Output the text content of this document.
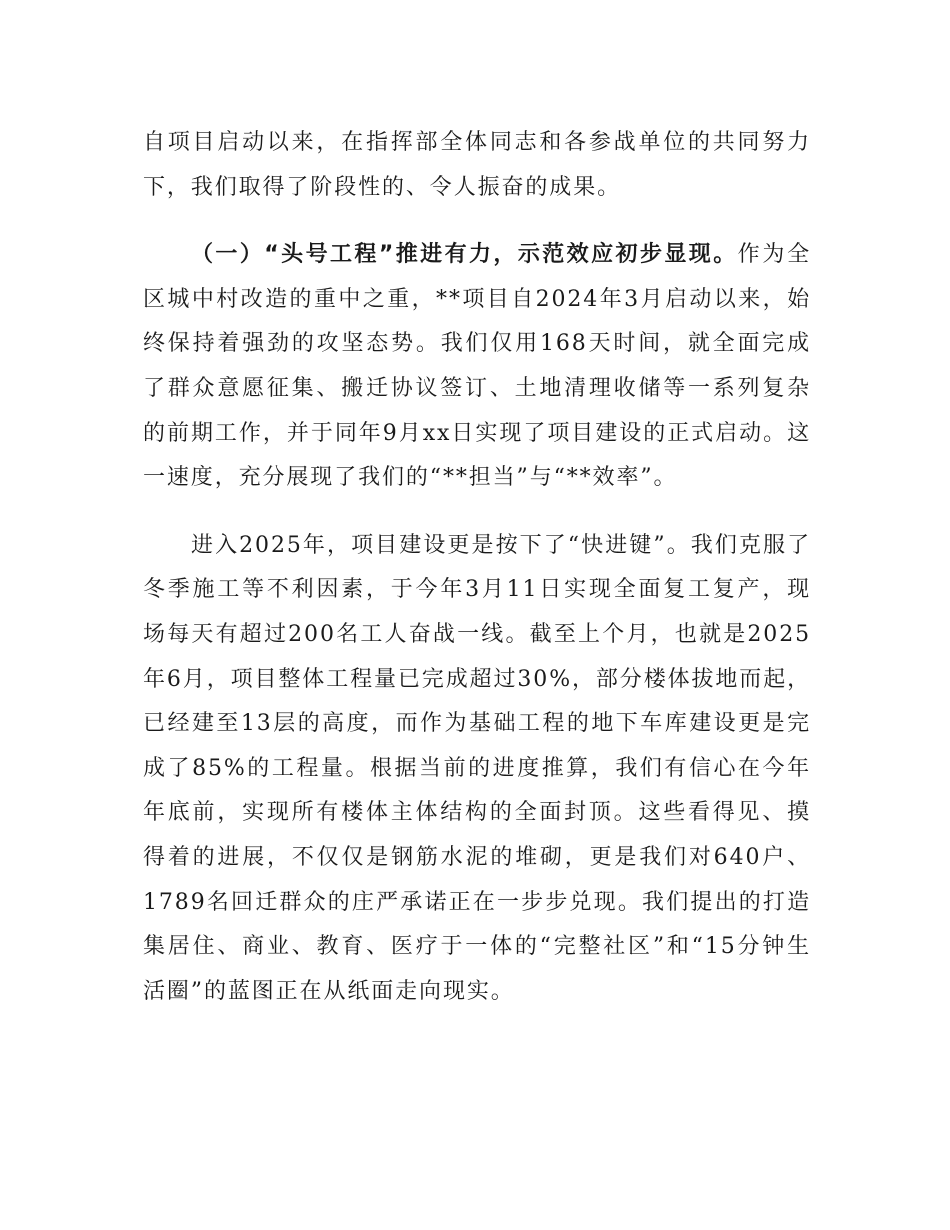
自项目启动以来，在指挥部全体同志和各参战单位的共同努力下，我们取得了阶段性的、令人振奋的成果。

（一）“头号工程”推进有力，示范效应初步显现。作为全区城中村改造的重中之重，**项目自2024年3月启动以来，始终保持着强劲的攻坚态势。我们仅用168天时间，就全面完成了群众意愿征集、搬迁协议签订、土地清理收储等一系列复杂的前期工作，并于同年9月xx日实现了项目建设的正式启动。这一速度，充分展现了我们的“**担当”与“**效率”。

进入2025年，项目建设更是按下了“快进键”。我们克服了冬季施工等不利因素，于今年3月11日实现全面复工复产，现场每天有超过200名工人奋战一线。截至上个月，也就是2025年6月，项目整体工程量已完成超过30%，部分楼体拔地而起，已经建至13层的高度，而作为基础工程的地下车库建设更是完成了85%的工程量。根据当前的进度推算，我们有信心在今年年底前，实现所有楼体主体结构的全面封顶。这些看得见、摸得着的进展，不仅仅是钢筋水泥的堆砌，更是我们对640户、1789名回迁群众的庄严承诺正在一步步兑现。我们提出的打造集居住、商业、教育、医疗于一体的“完整社区”和“15分钟生活圈”的蓝图正在从纸面走向现实。
